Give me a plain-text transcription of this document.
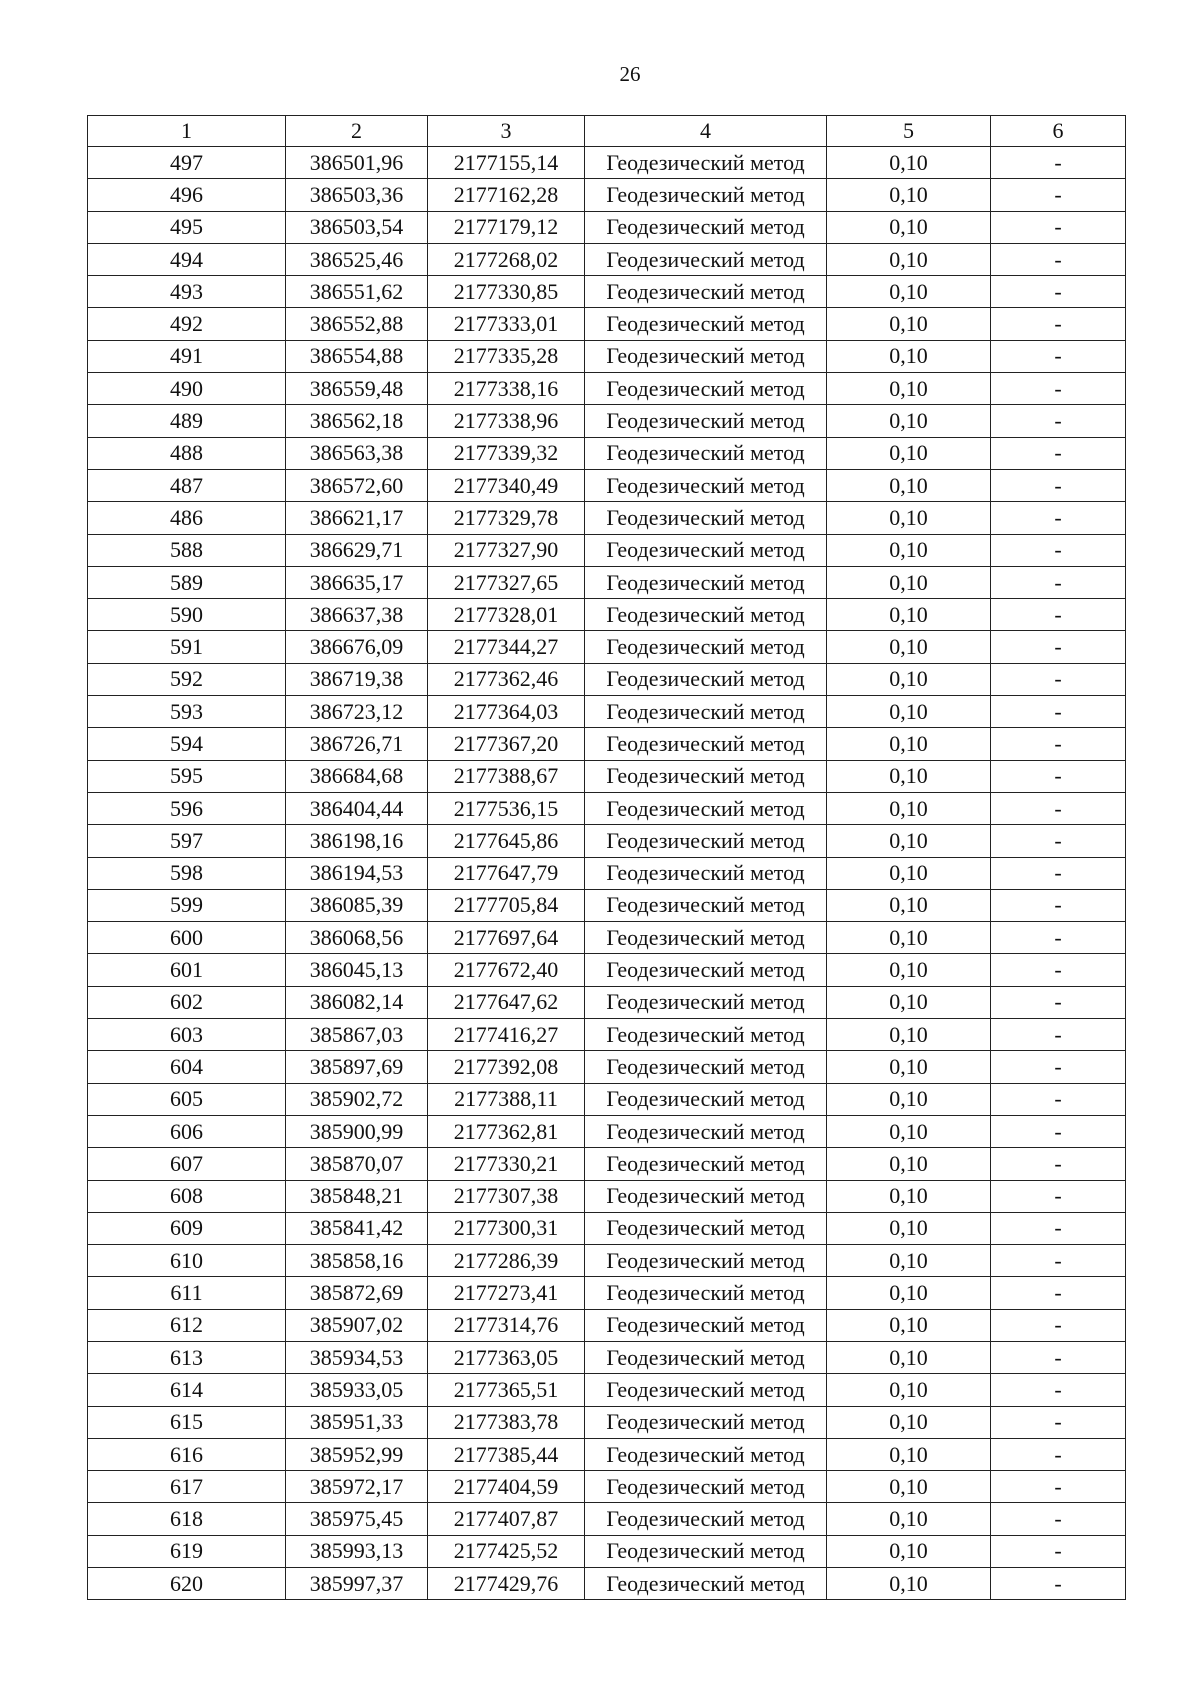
26
1	2	3	4	5	6
497	386501,96	2177155,14	Геодезический метод	0,10	-
496	386503,36	2177162,28	Геодезический метод	0,10	-
495	386503,54	2177179,12	Геодезический метод	0,10	-
494	386525,46	2177268,02	Геодезический метод	0,10	-
493	386551,62	2177330,85	Геодезический метод	0,10	-
492	386552,88	2177333,01	Геодезический метод	0,10	-
491	386554,88	2177335,28	Геодезический метод	0,10	-
490	386559,48	2177338,16	Геодезический метод	0,10	-
489	386562,18	2177338,96	Геодезический метод	0,10	-
488	386563,38	2177339,32	Геодезический метод	0,10	-
487	386572,60	2177340,49	Геодезический метод	0,10	-
486	386621,17	2177329,78	Геодезический метод	0,10	-
588	386629,71	2177327,90	Геодезический метод	0,10	-
589	386635,17	2177327,65	Геодезический метод	0,10	-
590	386637,38	2177328,01	Геодезический метод	0,10	-
591	386676,09	2177344,27	Геодезический метод	0,10	-
592	386719,38	2177362,46	Геодезический метод	0,10	-
593	386723,12	2177364,03	Геодезический метод	0,10	-
594	386726,71	2177367,20	Геодезический метод	0,10	-
595	386684,68	2177388,67	Геодезический метод	0,10	-
596	386404,44	2177536,15	Геодезический метод	0,10	-
597	386198,16	2177645,86	Геодезический метод	0,10	-
598	386194,53	2177647,79	Геодезический метод	0,10	-
599	386085,39	2177705,84	Геодезический метод	0,10	-
600	386068,56	2177697,64	Геодезический метод	0,10	-
601	386045,13	2177672,40	Геодезический метод	0,10	-
602	386082,14	2177647,62	Геодезический метод	0,10	-
603	385867,03	2177416,27	Геодезический метод	0,10	-
604	385897,69	2177392,08	Геодезический метод	0,10	-
605	385902,72	2177388,11	Геодезический метод	0,10	-
606	385900,99	2177362,81	Геодезический метод	0,10	-
607	385870,07	2177330,21	Геодезический метод	0,10	-
608	385848,21	2177307,38	Геодезический метод	0,10	-
609	385841,42	2177300,31	Геодезический метод	0,10	-
610	385858,16	2177286,39	Геодезический метод	0,10	-
611	385872,69	2177273,41	Геодезический метод	0,10	-
612	385907,02	2177314,76	Геодезический метод	0,10	-
613	385934,53	2177363,05	Геодезический метод	0,10	-
614	385933,05	2177365,51	Геодезический метод	0,10	-
615	385951,33	2177383,78	Геодезический метод	0,10	-
616	385952,99	2177385,44	Геодезический метод	0,10	-
617	385972,17	2177404,59	Геодезический метод	0,10	-
618	385975,45	2177407,87	Геодезический метод	0,10	-
619	385993,13	2177425,52	Геодезический метод	0,10	-
620	385997,37	2177429,76	Геодезический метод	0,10	-
